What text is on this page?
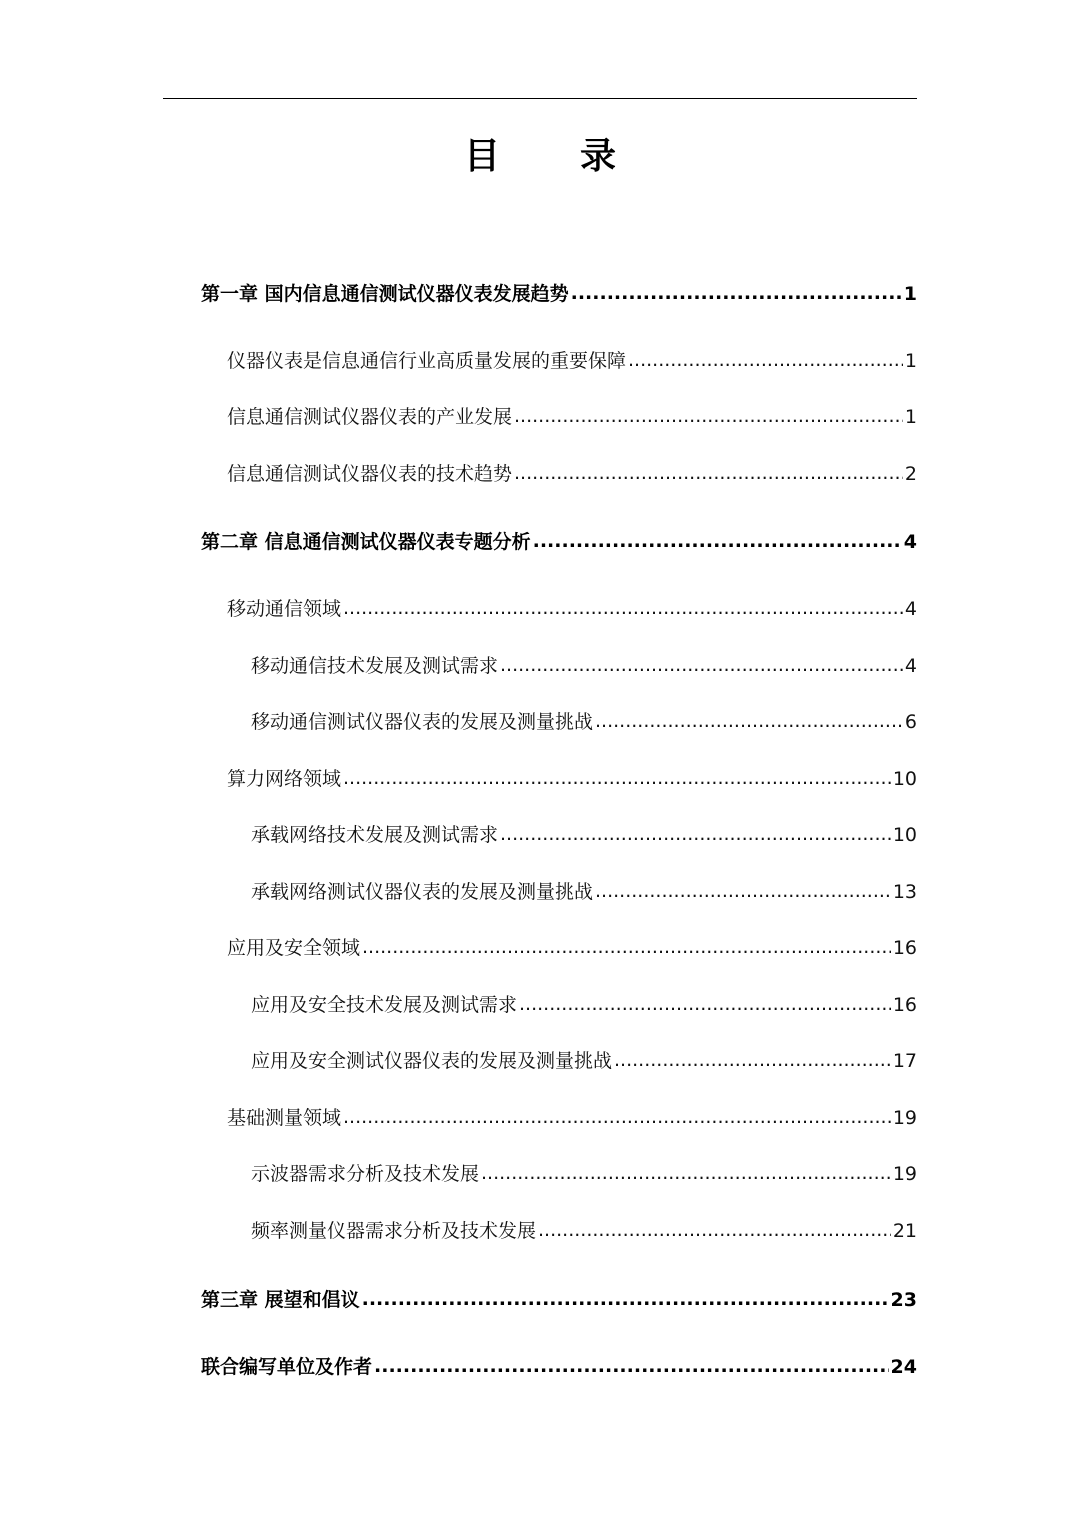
目 录
第一章 国内信息通信测试仪器仪表发展趋势 .....	1
仪器仪表是信息通信行业高质量发展的重要保障 .....	1
信息通信测试仪器仪表的产业发展 .....	1
信息通信测试仪器仪表的技术趋势 .....	2
第二章 信息通信测试仪器仪表专题分析 .....	4
移动通信领域 .....	4
移动通信技术发展及测试需求 .....	4
移动通信测试仪器仪表的发展及测量挑战 .....	6
算力网络领域 .....	10
承载网络技术发展及测试需求 .....	10
承载网络测试仪器仪表的发展及测量挑战 .....	13
应用及安全领域 .....	16
应用及安全技术发展及测试需求 .....	16
应用及安全测试仪器仪表的发展及测量挑战 .....	17
基础测量领域 .....	19
示波器需求分析及技术发展 .....	19
频率测量仪器需求分析及技术发展 .....	21
第三章 展望和倡议 .....	23
联合编写单位及作者 .....	24
